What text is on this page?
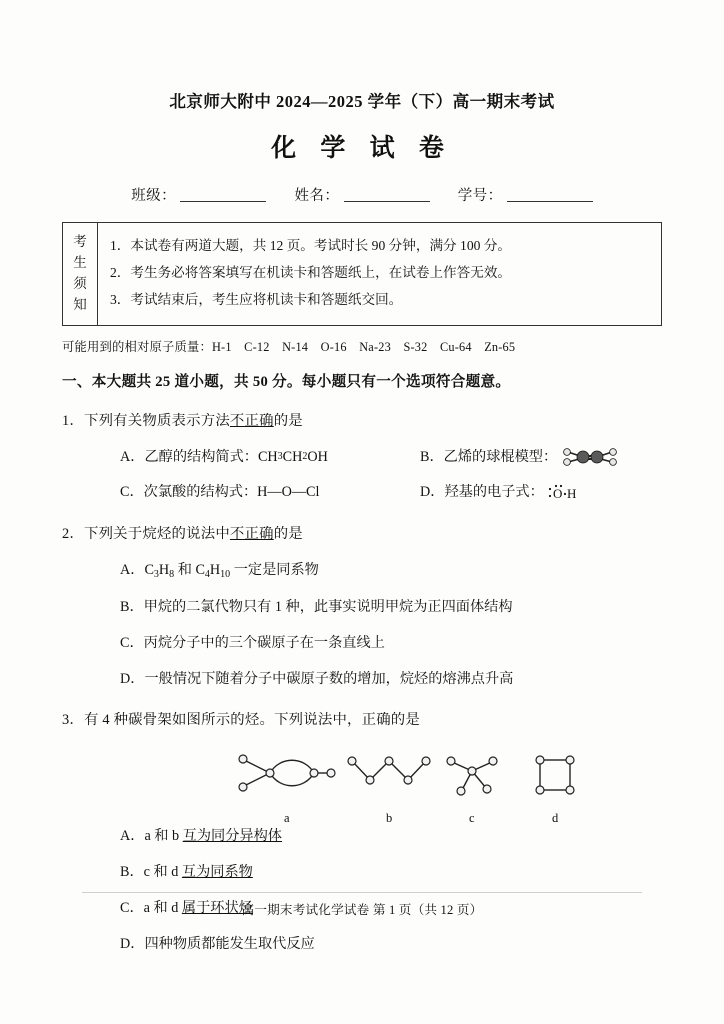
北京师大附中 2024—2025 学年（下）高一期末考试
化 学 试 卷
班级：	姓名：	学号：
考
生
须
知
1．本试卷有两道大题，共 12 页。考试时长 90 分钟，满分 100 分。
2．考生务必将答案填写在机读卡和答题纸上，在试卷上作答无效。
3．考试结束后，考生应将机读卡和答题纸交回。
可能用到的相对原子质量：H-1　C-12　N-14　O-16　Na-23　S-32　Cu-64　Zn-65
一、本大题共 25 道小题，共 50 分。每小题只有一个选项符合题意。
1．下列有关物质表示方法不正确的是
A． 乙醇的结构简式：CH 3 CH 2 OH	B． 乙烯的球棍模型：
C． 次氯酸的结构式：H—O—Cl	D． 羟基的电子式： O H
2．下列关于烷烃的说法中不正确的是
A．$C_3H_8$ 和 $C_4H_{10}$ 一定是同系物
B．甲烷的二氯代物只有 1 种，此事实说明甲烷为正四面体结构
C．丙烷分子中的三个碳原子在一条直线上
D．一般情况下随着分子中碳原子数的增加，烷烃的熔沸点升高
3．有 4 种碳骨架如图所示的烃。下列说法中，正确的是
a	b	c	d
A．a 和 b 互为同分异构体
B．c 和 d 互为同系物
C．a 和 d 属于环状烃
D．四种物质都能发生取代反应
高一期末考试化学试卷 第 1 页（共 12 页）
